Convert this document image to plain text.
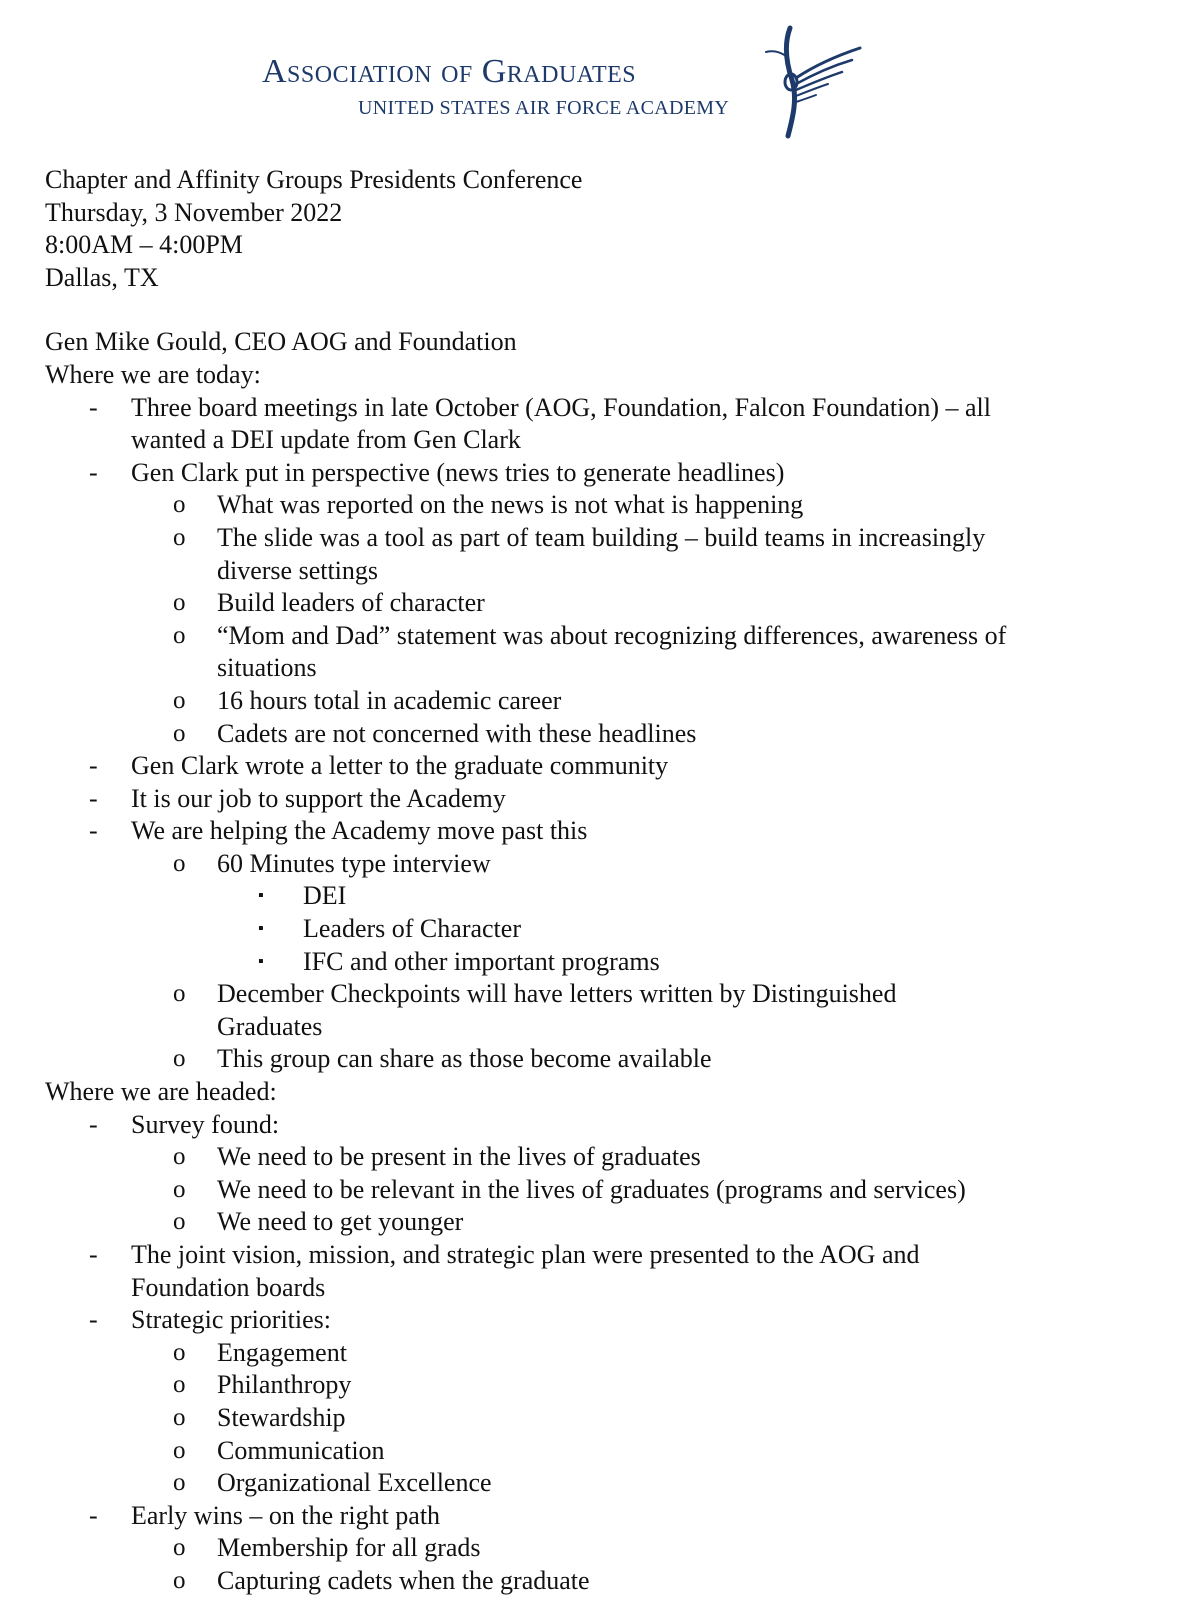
Association of Graduates
UNITED STATES AIR FORCE ACADEMY
Chapter and Affinity Groups Presidents Conference
Thursday, 3 November 2022
8:00AM – 4:00PM
Dallas, TX
Gen Mike Gould, CEO AOG and Foundation
Where we are today:
- Three board meetings in late October (AOG, Foundation, Falcon Foundation) – all wanted a DEI update from Gen Clark
- Gen Clark put in perspective (news tries to generate headlines)
o What was reported on the news is not what is happening
o The slide was a tool as part of team building – build teams in increasingly diverse settings
o Build leaders of character
o “Mom and Dad” statement was about recognizing differences, awareness of situations
o 16 hours total in academic career
o Cadets are not concerned with these headlines
- Gen Clark wrote a letter to the graduate community
- It is our job to support the Academy
- We are helping the Academy move past this
o 60 Minutes type interview
▪ DEI
▪ Leaders of Character
▪ IFC and other important programs
o December Checkpoints will have letters written by Distinguished Graduates
o This group can share as those become available
Where we are headed:
- Survey found:
o We need to be present in the lives of graduates
o We need to be relevant in the lives of graduates (programs and services)
o We need to get younger
- The joint vision, mission, and strategic plan were presented to the AOG and Foundation boards
- Strategic priorities:
o Engagement
o Philanthropy
o Stewardship
o Communication
o Organizational Excellence
- Early wins – on the right path
o Membership for all grads
o Capturing cadets when the graduate
